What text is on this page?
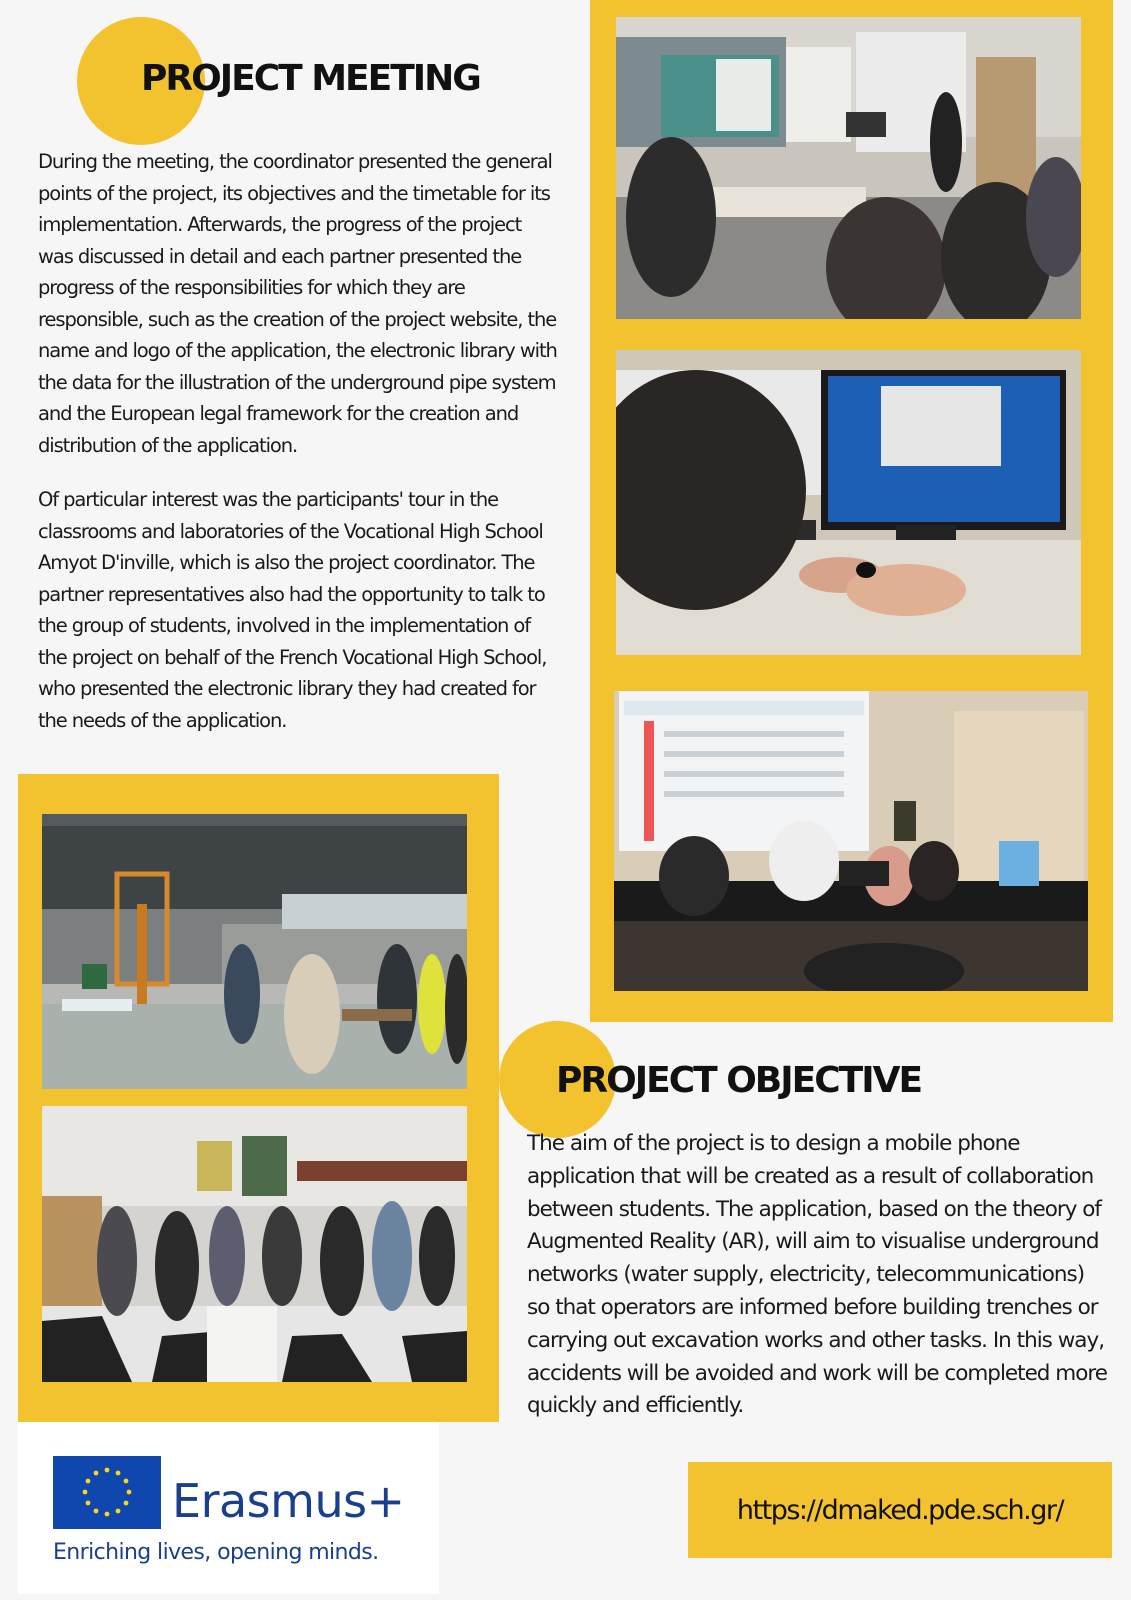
PROJECT MEETING

During the meeting, the coordinator presented the general points of the project, its objectives and the timetable for its implementation. Afterwards, the progress of the project was discussed in detail and each partner presented the progress of the responsibilities for which they are responsible, such as the creation of the project website, the name and logo of the application, the electronic library with the data for the illustration of the underground pipe system and the European legal framework for the creation and distribution of the application.

Of particular interest was the participants' tour in the classrooms and laboratories of the Vocational High School Amyot D'inville, which is also the project coordinator. The partner representatives also had the opportunity to talk to the group of students, involved in the implementation of the project on behalf of the French Vocational High School, who presented the electronic library they had created for the needs of the application.

PROJECT OBJECTIVE

The aim of the project is to design a mobile phone application that will be created as a result of collaboration between students. The application, based on the theory of Augmented Reality (AR), will aim to visualise underground networks (water supply, electricity, telecommunications) so that operators are informed before building trenches or carrying out excavation works and other tasks. In this way, accidents will be avoided and work will be completed more quickly and efficiently.

Erasmus+
Enriching lives, opening minds.
https://dmaked.pde.sch.gr/
